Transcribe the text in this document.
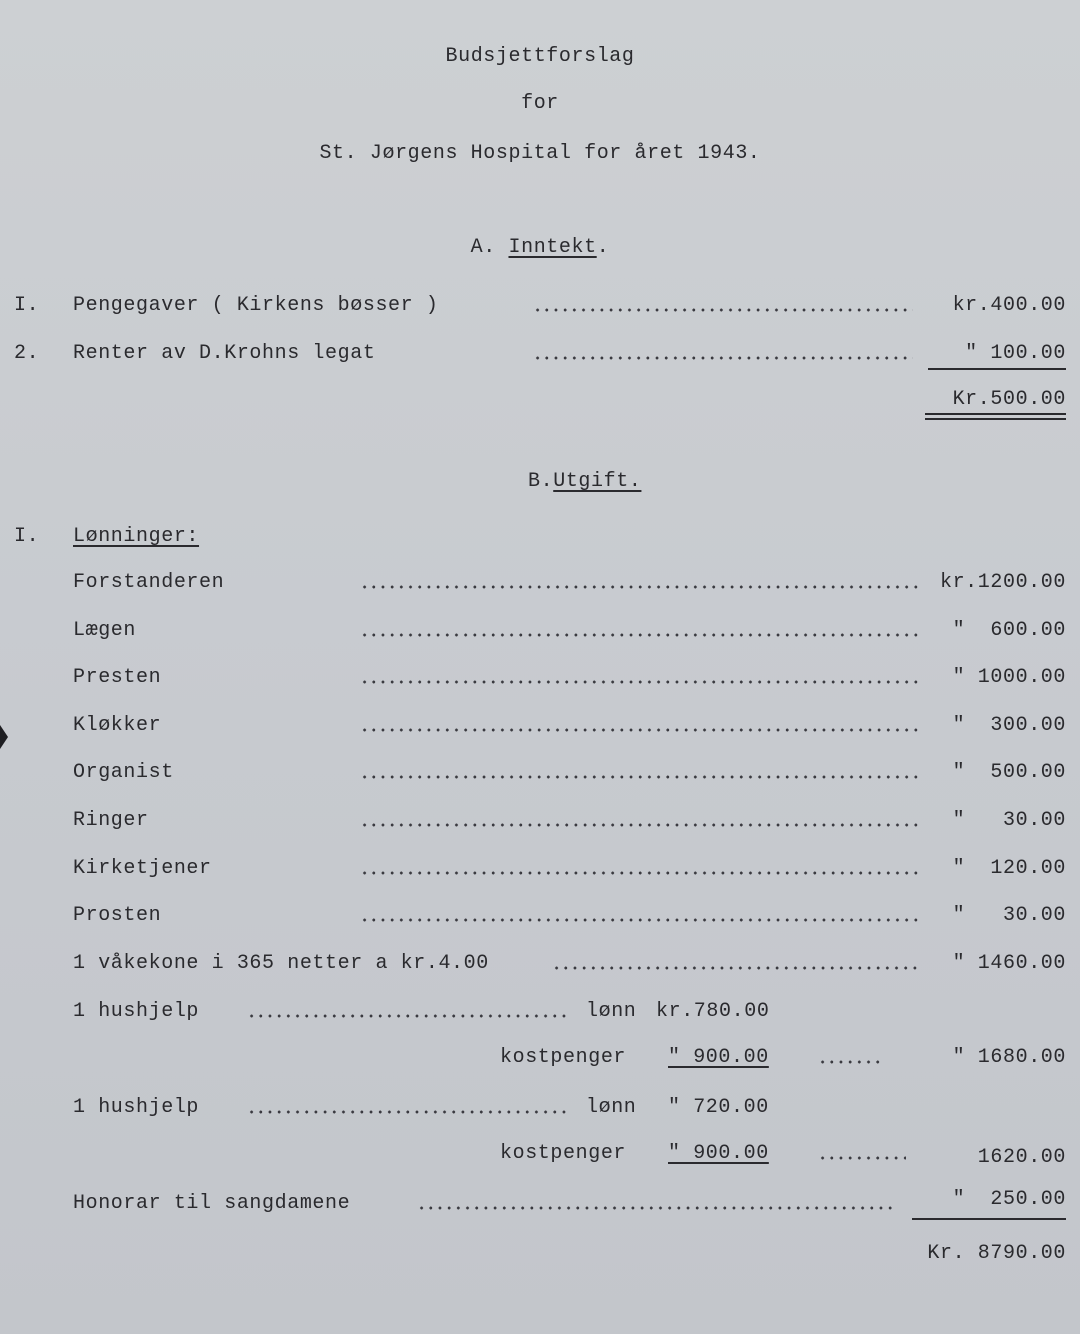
Budsjettforslag
for
St. Jørgens Hospital for året 1943.
A. Inntekt.
I. Pengegaver ( Kirkens bøsser )	kr.400.00
2. Renter av D.Krohns legat	" 100.00
Kr.500.00
B.Utgift.
I. Lønninger:
Forstanderen	kr.1200.00
Lægen	"  600.00
Presten	" 1000.00
Kløkker	"  300.00
Organist	"  500.00
Ringer	"   30.00
Kirketjener	"  120.00
Prosten	"   30.00
1 våkekone i 365 netter a kr.4.00	" 1460.00
1 hushjelp	lønn kr.780.00
kostpenger " 900.00	" 1680.00
1 hushjelp	lønn " 720.00
kostpenger " 900.00	1620.00
Honorar til sangdamene	"  250.00
Kr. 8790.00
